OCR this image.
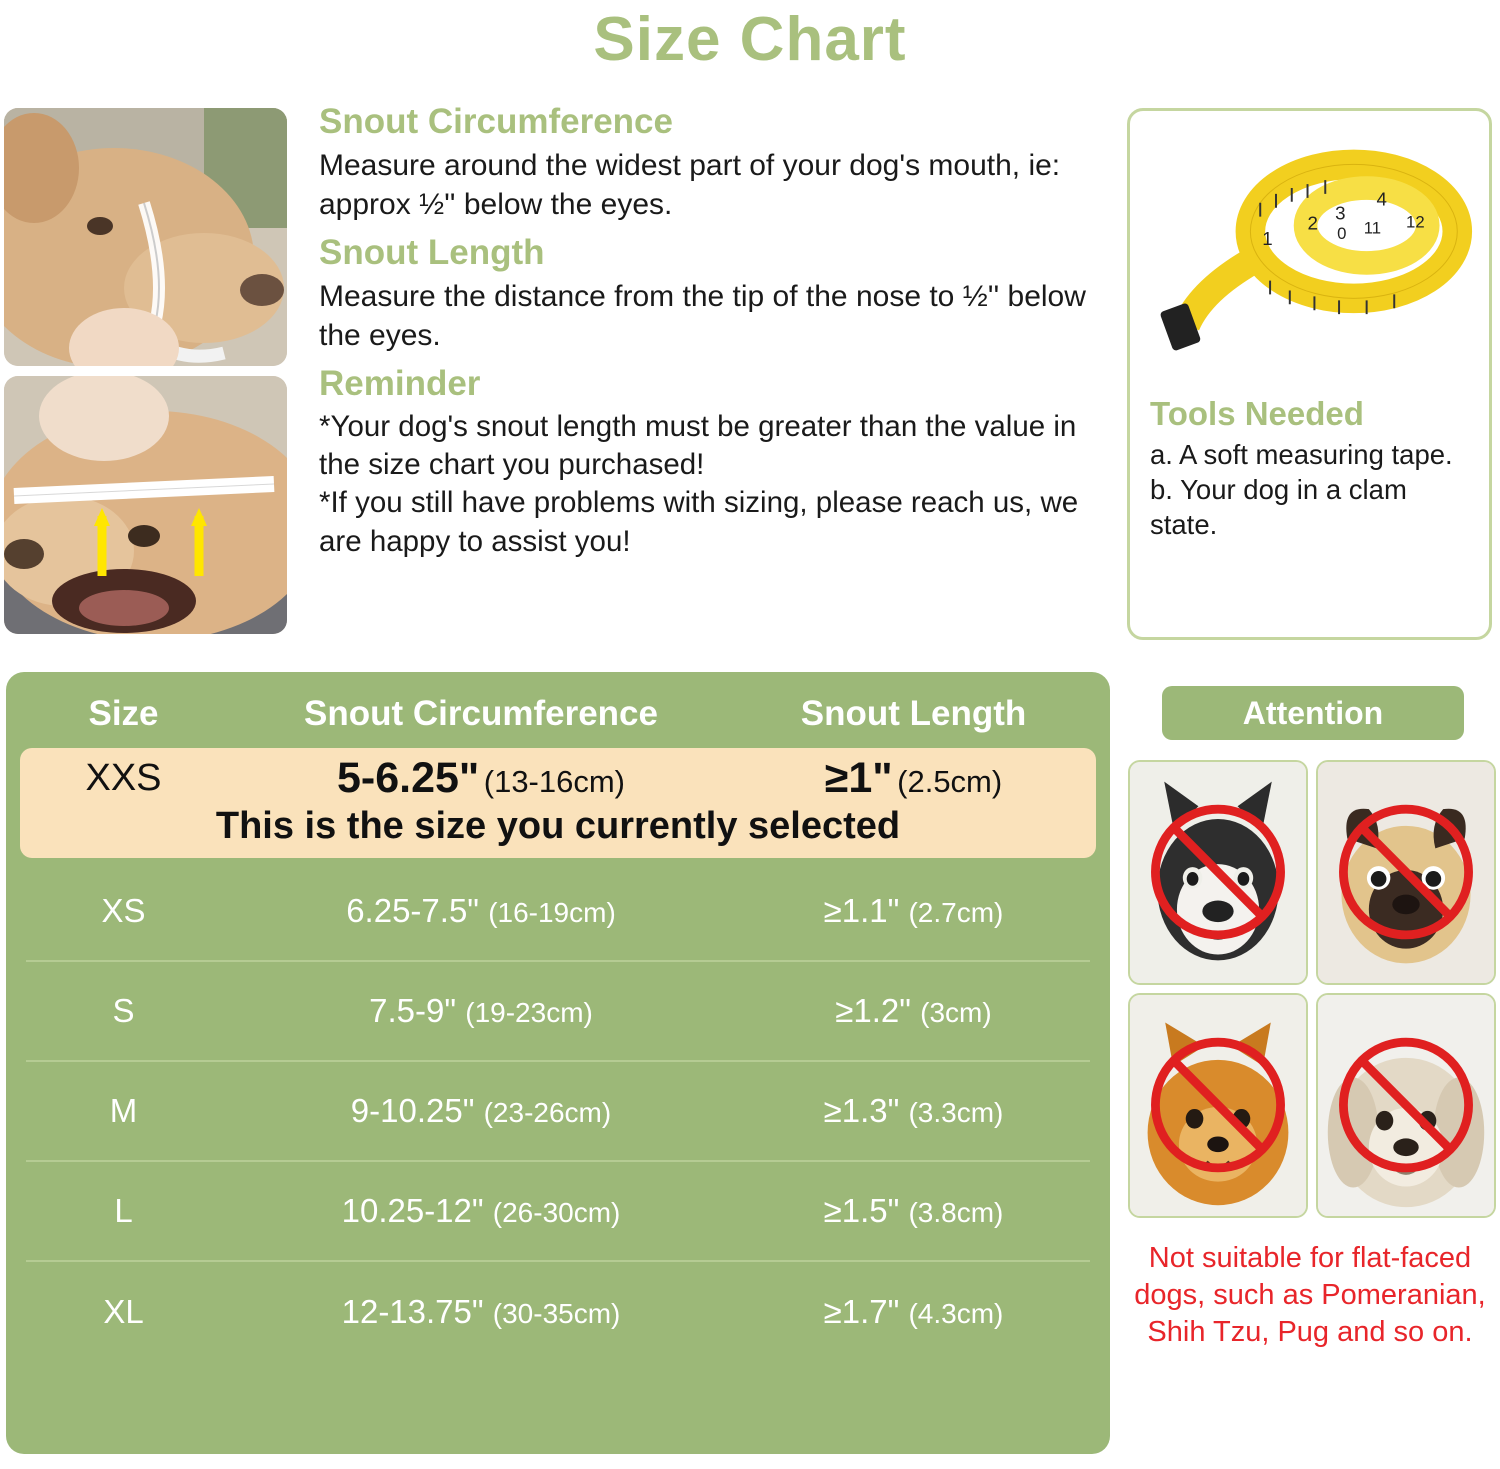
Size Chart
Snout Circumference
Measure around the widest part of your dog's mouth, ie: approx ½'' below the eyes.
Snout Length
Measure the distance from the tip of the nose to ½'' below the eyes.
Reminder
*Your dog's snout length must be greater than the value in the size chart you purchased!
*If you still have problems with sizing, please reach us, we are happy to assist you!
1
2 3
4
0 11 12
Tools Needed
a. A soft measuring tape.
b. Your dog in a clam state.
Size	Snout Circumference	Snout Length
XXS	5-6.25" (13-16cm)	≥1" (2.5cm)
This is the size you currently selected
XS	6.25-7.5" (16-19cm)	≥1.1" (2.7cm)
S	7.5-9" (19-23cm)	≥1.2" (3cm)
M	9-10.25" (23-26cm)	≥1.3" (3.3cm)
L	10.25-12" (26-30cm)	≥1.5" (3.8cm)
XL	12-13.75" (30-35cm)	≥1.7" (4.3cm)
Attention
Not suitable for flat-faced dogs, such as Pomeranian, Shih Tzu, Pug and so on.
